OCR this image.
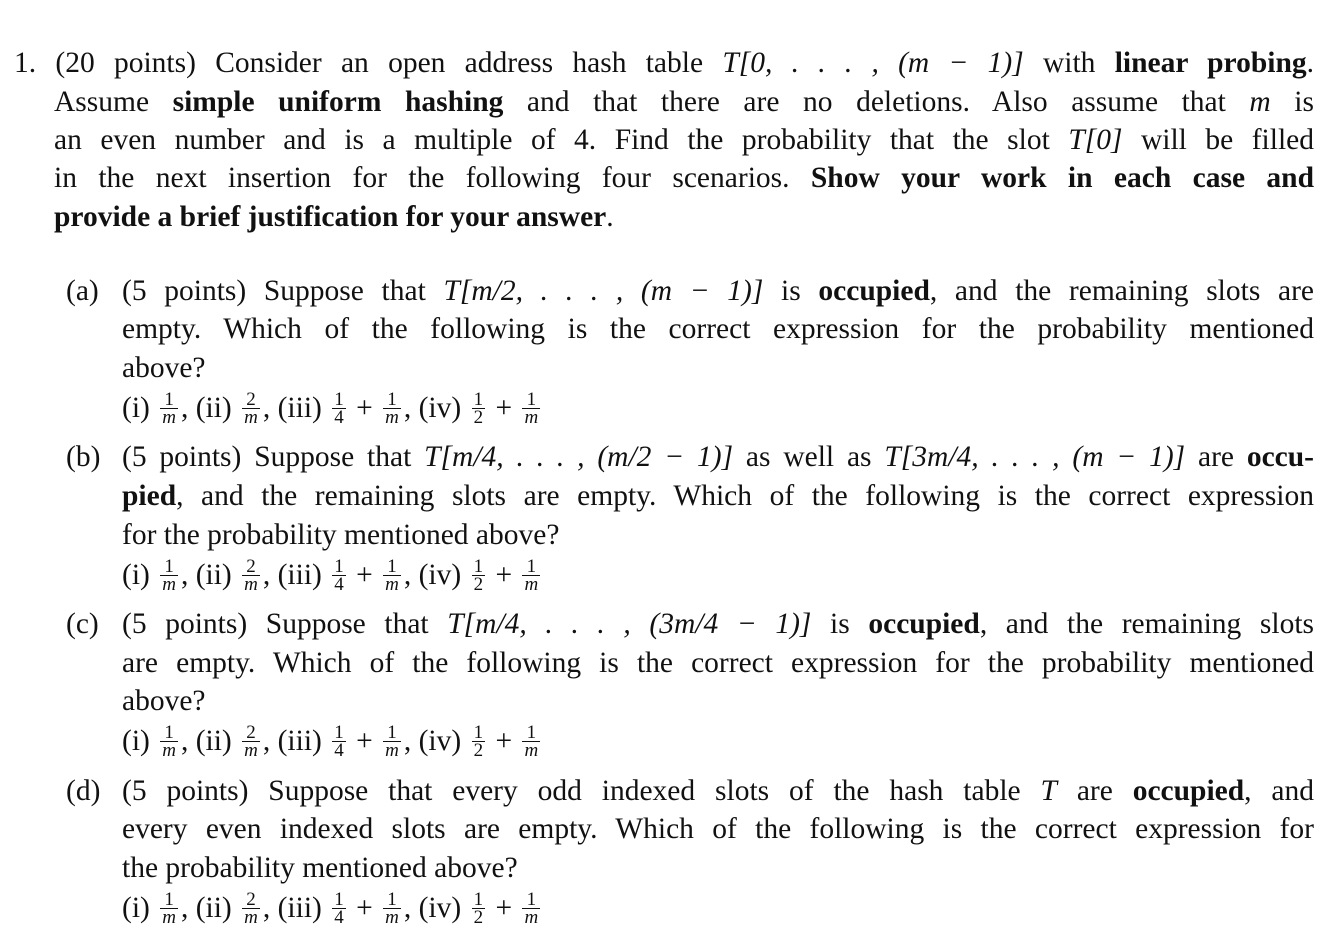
1. (20 points) Consider an open address hash table T[0, . . . , (m − 1)] with linear probing.
Assume simple uniform hashing and that there are no deletions. Also assume that m is
an even number and is a multiple of 4. Find the probability that the slot T[0] will be filled
in the next insertion for the following four scenarios. Show your work in each case and
provide a brief justification for your answer.
(a) (5 points) Suppose that T[m/2, . . . , (m − 1)] is occupied, and the remaining slots are
empty. Which of the following is the correct expression for the probability mentioned
above?
$(i) \frac{1}{m}$ , $(ii) \frac{2}{m}$ , $(iii) \frac{1}{4} + \frac{1}{m}$ , $(iv) \frac{1}{2} + \frac{1}{m}$
(b) (5 points) Suppose that T[m/4, . . . , (m/2 − 1)] as well as T[3m/4, . . . , (m − 1)] are occu-
pied, and the remaining slots are empty. Which of the following is the correct expression
for the probability mentioned above?
$(i) \frac{1}{m}$ , $(ii) \frac{2}{m}$ , $(iii) \frac{1}{4} + \frac{1}{m}$ , $(iv) \frac{1}{2} + \frac{1}{m}$
(c) (5 points) Suppose that T[m/4, . . . , (3m/4 − 1)] is occupied, and the remaining slots
are empty. Which of the following is the correct expression for the probability mentioned
above?
$(i) \frac{1}{m}$ , $(ii) \frac{2}{m}$ , $(iii) \frac{1}{4} + \frac{1}{m}$ , $(iv) \frac{1}{2} + \frac{1}{m}$
(d) (5 points) Suppose that every odd indexed slots of the hash table T are occupied, and
every even indexed slots are empty. Which of the following is the correct expression for
the probability mentioned above?
$(i) \frac{1}{m}$ , $(ii) \frac{2}{m}$ , $(iii) \frac{1}{4} + \frac{1}{m}$ , $(iv) \frac{1}{2} + \frac{1}{m}$
